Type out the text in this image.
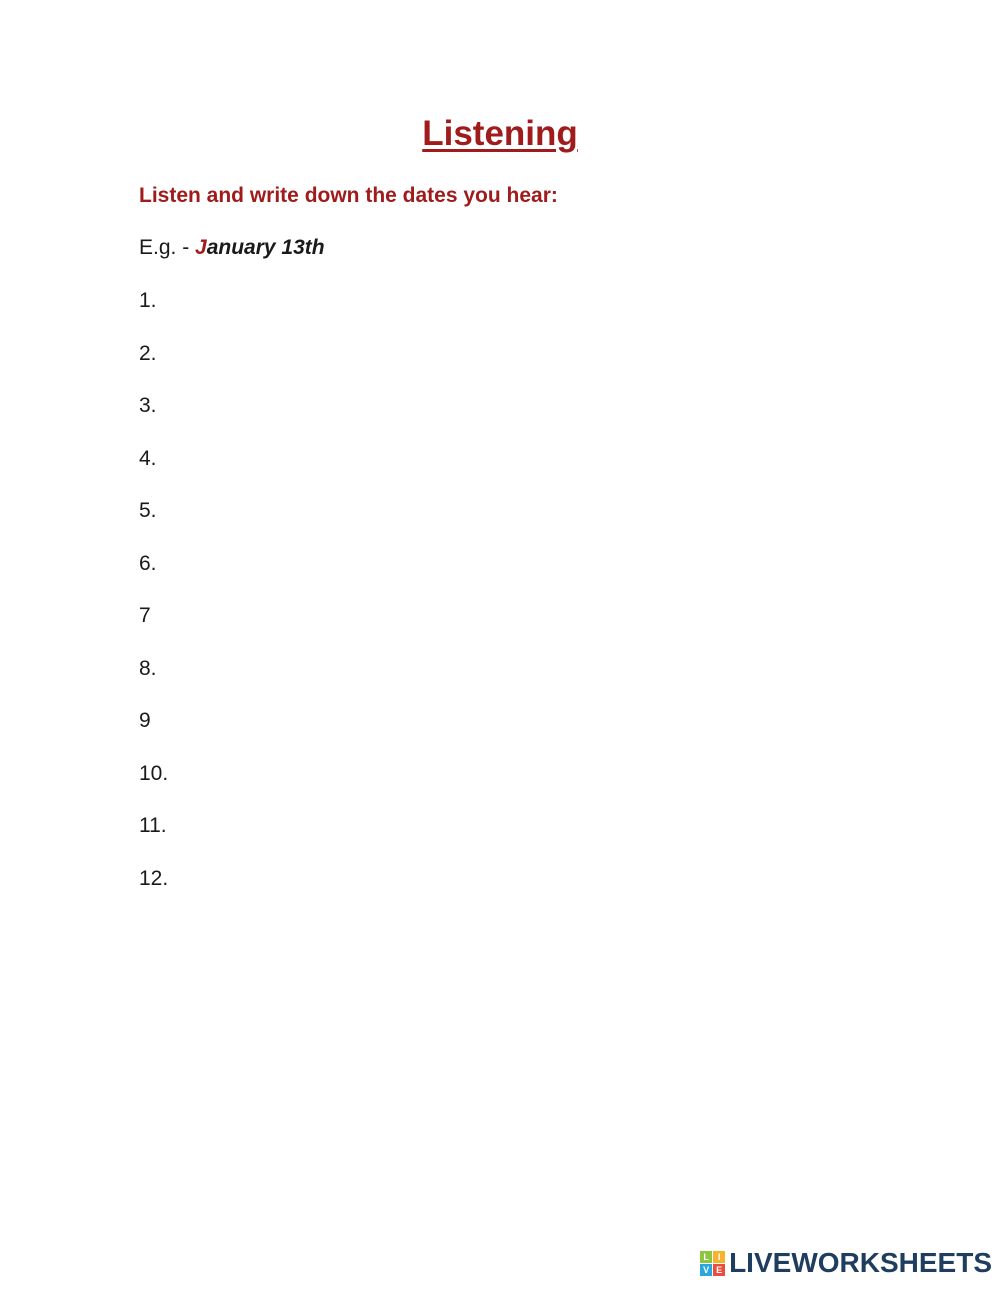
Listening

Listen and write down the dates you hear:

E.g. - January 13th

1.
2.
3.
4.
5.
6.
7
8.
9
10.
11.
12.
L I
V E LIVEWORKSHEETS
